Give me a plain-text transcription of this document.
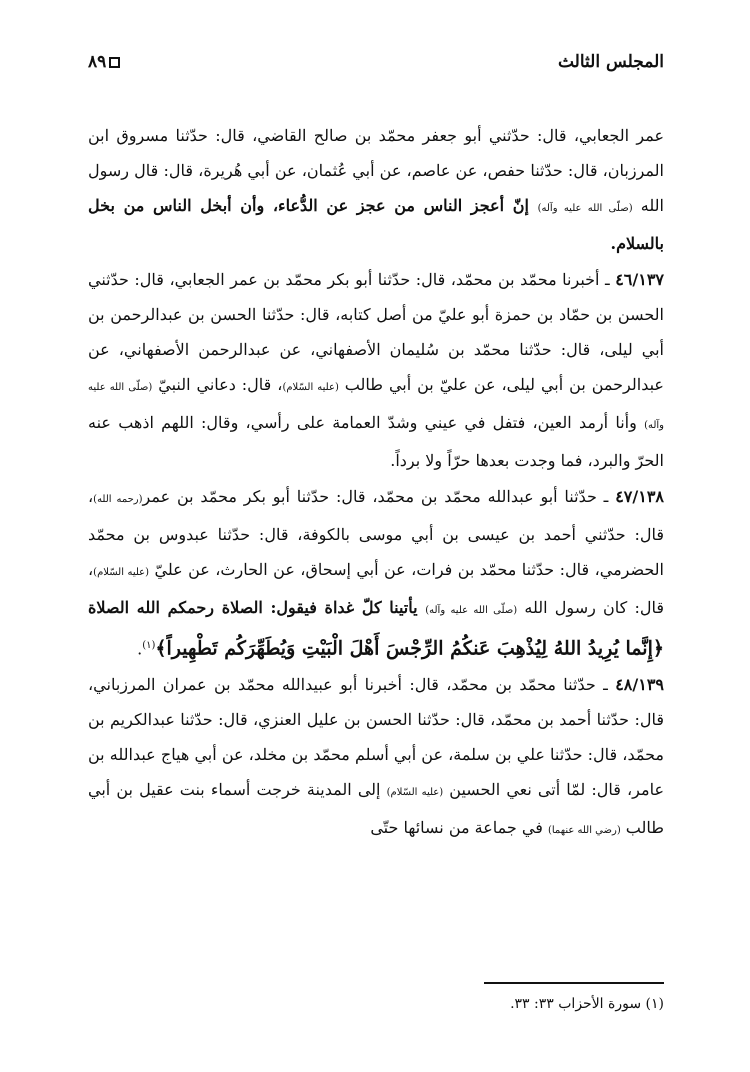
المجلس الثالث
٨٩

عمر الجعابي، قال: حدّثني أبو جعفر محمّد بن صالح القاضي، قال: حدّثنا مسروق ابن المرزبان، قال: حدّثنا حفص، عن عاصم، عن أبي عُثمان، عن أبي هُريرة، قال: قال رسول الله (صلّى الله عليه وآله) إنّ أعجز الناس من عجز عن الدُّعاء، وأن أبخل الناس من بخل بالسلام.

٤٦/١٣٧ ـ أخبرنا محمّد بن محمّد، قال: حدّثنا أبو بكر محمّد بن عمر الجعابي، قال: حدّثني الحسن بن حمّاد بن حمزة أبو عليّ من أصل كتابه، قال: حدّثنا الحسن بن عبدالرحمن بن أبي ليلى، قال: حدّثنا محمّد بن سُليمان الأصفهاني، عن عبدالرحمن الأصفهاني، عن عبدالرحمن بن أبي ليلى، عن عليّ بن أبي طالب (عليه السّلام)، قال: دعاني النبيّ (صلّى الله عليه وآله) وأنا أرمد العين، فتفل في عيني وشدّ العمامة على رأسي، وقال: اللهم اذهب عنه الحرّ والبرد، فما وجدت بعدها حرّاً ولا برداً.

٤٧/١٣٨ ـ حدّثنا أبو عبدالله محمّد بن محمّد، قال: حدّثنا أبو بكر محمّد بن عمر(رحمه الله)، قال: حدّثني أحمد بن عيسى بن أبي موسى بالكوفة، قال: حدّثنا عبدوس بن محمّد الحضرمي، قال: حدّثنا محمّد بن فرات، عن أبي إسحاق، عن الحارث، عن عليّ (عليه السّلام)، قال: كان رسول الله (صلّى الله عليه وآله) يأتينا كلّ غداة فيقول: الصلاة رحمكم الله الصلاة ﴿إِنَّما يُرِيدُ اللهُ لِيُذْهِبَ عَنكُمُ الرِّجْسَ أَهْلَ الْبَيْتِ وَيُطَهِّرَكُم تَطْهِيراً﴾$^{(١)}$.

٤٨/١٣٩ ـ حدّثنا محمّد بن محمّد، قال: أخبرنا أبو عبيدالله محمّد بن عمران المرزباني، قال: حدّثنا أحمد بن محمّد، قال: حدّثنا الحسن بن عليل العنزي، قال: حدّثنا عبدالكريم بن محمّد، قال: حدّثنا علي بن سلمة، عن أبي أسلم محمّد بن مخلد، عن أبي هياج عبدالله بن عامر، قال: لمّا أتى نعي الحسين (عليه السّلام) إلى المدينة خرجت أسماء بنت عقيل بن أبي طالب (رضي الله عنهما) في جماعة من نسائها حتّى

(١) سورة الأحزاب ٣٣: ٣٣.
